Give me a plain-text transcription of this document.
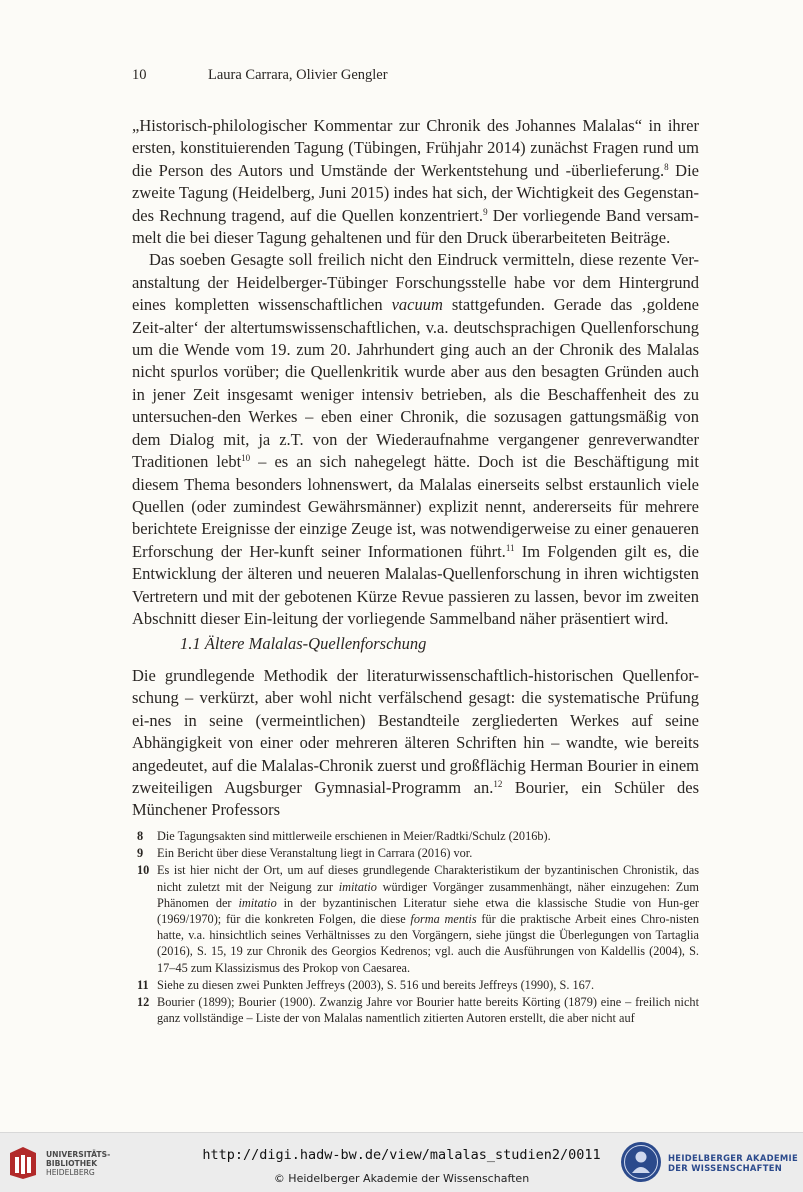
10	Laura Carrara, Olivier Gengler

„Historisch-philologischer Kommentar zur Chronik des Johannes Malalas“ in ihrer ersten, konstituierenden Tagung (Tübingen, Frühjahr 2014) zunächst Fragen rund um die Person des Autors und Umstände der Werkentstehung und -überlieferung.$^8$ Die zweite Tagung (Heidelberg, Juni 2015) indes hat sich, der Wichtigkeit des Gegenstan-des Rechnung tragend, auf die Quellen konzentriert.$^9$ Der vorliegende Band versam-melt die bei dieser Tagung gehaltenen und für den Druck überarbeiteten Beiträge.

Das soeben Gesagte soll freilich nicht den Eindruck vermitteln, diese rezente Ver-anstaltung der Heidelberger-Tübinger Forschungsstelle habe vor dem Hintergrund eines kompletten wissenschaftlichen vacuum stattgefunden. Gerade das ‚goldene Zeit-alter‘ der altertumswissenschaftlichen, v.a. deutschsprachigen Quellenforschung um die Wende vom 19. zum 20. Jahrhundert ging auch an der Chronik des Malalas nicht spurlos vorüber; die Quellenkritik wurde aber aus den besagten Gründen auch in jener Zeit insgesamt weniger intensiv betrieben, als die Beschaffenheit des zu untersuchen-den Werkes – eben einer Chronik, die sozusagen gattungsmäßig von dem Dialog mit, ja z.T. von der Wiederaufnahme vergangener genreverwandter Traditionen lebt$^{10}$ – es an sich nahegelegt hätte. Doch ist die Beschäftigung mit diesem Thema besonders lohnenswert, da Malalas einerseits selbst erstaunlich viele Quellen (oder zumindest Gewährsmänner) explizit nennt, andererseits für mehrere berichtete Ereignisse der einzige Zeuge ist, was notwendigerweise zu einer genaueren Erforschung der Her-kunft seiner Informationen führt.$^{11}$ Im Folgenden gilt es, die Entwicklung der älteren und neueren Malalas-Quellenforschung in ihren wichtigsten Vertretern und mit der gebotenen Kürze Revue passieren zu lassen, bevor im zweiten Abschnitt dieser Ein-leitung der vorliegende Sammelband näher präsentiert wird.

1.1 Ältere Malalas-Quellenforschung

Die grundlegende Methodik der literaturwissenschaftlich-historischen Quellenfor-schung – verkürzt, aber wohl nicht verfälschend gesagt: die systematische Prüfung ei-nes in seine (vermeintlichen) Bestandteile zergliederten Werkes auf seine Abhängigkeit von einer oder mehreren älteren Schriften hin – wandte, wie bereits angedeutet, auf die Malalas-Chronik zuerst und großflächig Herman Bourier in einem zweiteiligen Augsburger Gymnasial-Programm an.$^{12}$ Bourier, ein Schüler des Münchener Professors

8 Die Tagungsakten sind mittlerweile erschienen in Meier/Radtki/Schulz (2016b).
9 Ein Bericht über diese Veranstaltung liegt in Carrara (2016) vor.
10 Es ist hier nicht der Ort, um auf dieses grundlegende Charakteristikum der byzantinischen Chronistik, das nicht zuletzt mit der Neigung zur imitatio würdiger Vorgänger zusammenhängt, näher einzugehen: Zum Phänomen der imitatio in der byzantinischen Literatur siehe etwa die klassische Studie von Hun-ger (1969/1970); für die konkreten Folgen, die diese forma mentis für die praktische Arbeit eines Chro-nisten hatte, v.a. hinsichtlich seines Verhältnisses zu den Vorgängern, siehe jüngst die Überlegungen von Tartaglia (2016), S. 15, 19 zur Chronik des Georgios Kedrenos; vgl. auch die Ausführungen von Kaldellis (2004), S. 17–45 zum Klassizismus des Prokop von Caesarea.
11 Siehe zu diesen zwei Punkten Jeffreys (2003), S. 516 und bereits Jeffreys (1990), S. 167.
12 Bourier (1899); Bourier (1900). Zwanzig Jahre vor Bourier hatte bereits Körting (1879) eine – freilich nicht ganz vollständige – Liste der von Malalas namentlich zitierten Autoren erstellt, die aber nicht auf
UNIVERSITÄTS-
BIBLIOTHEK
HEIDELBERG
http://digi.hadw-bw.de/view/malalas_studien2/0011
© Heidelberger Akademie der Wissenschaften
HEIDELBERGER AKADEMIE
DER WISSENSCHAFTEN
